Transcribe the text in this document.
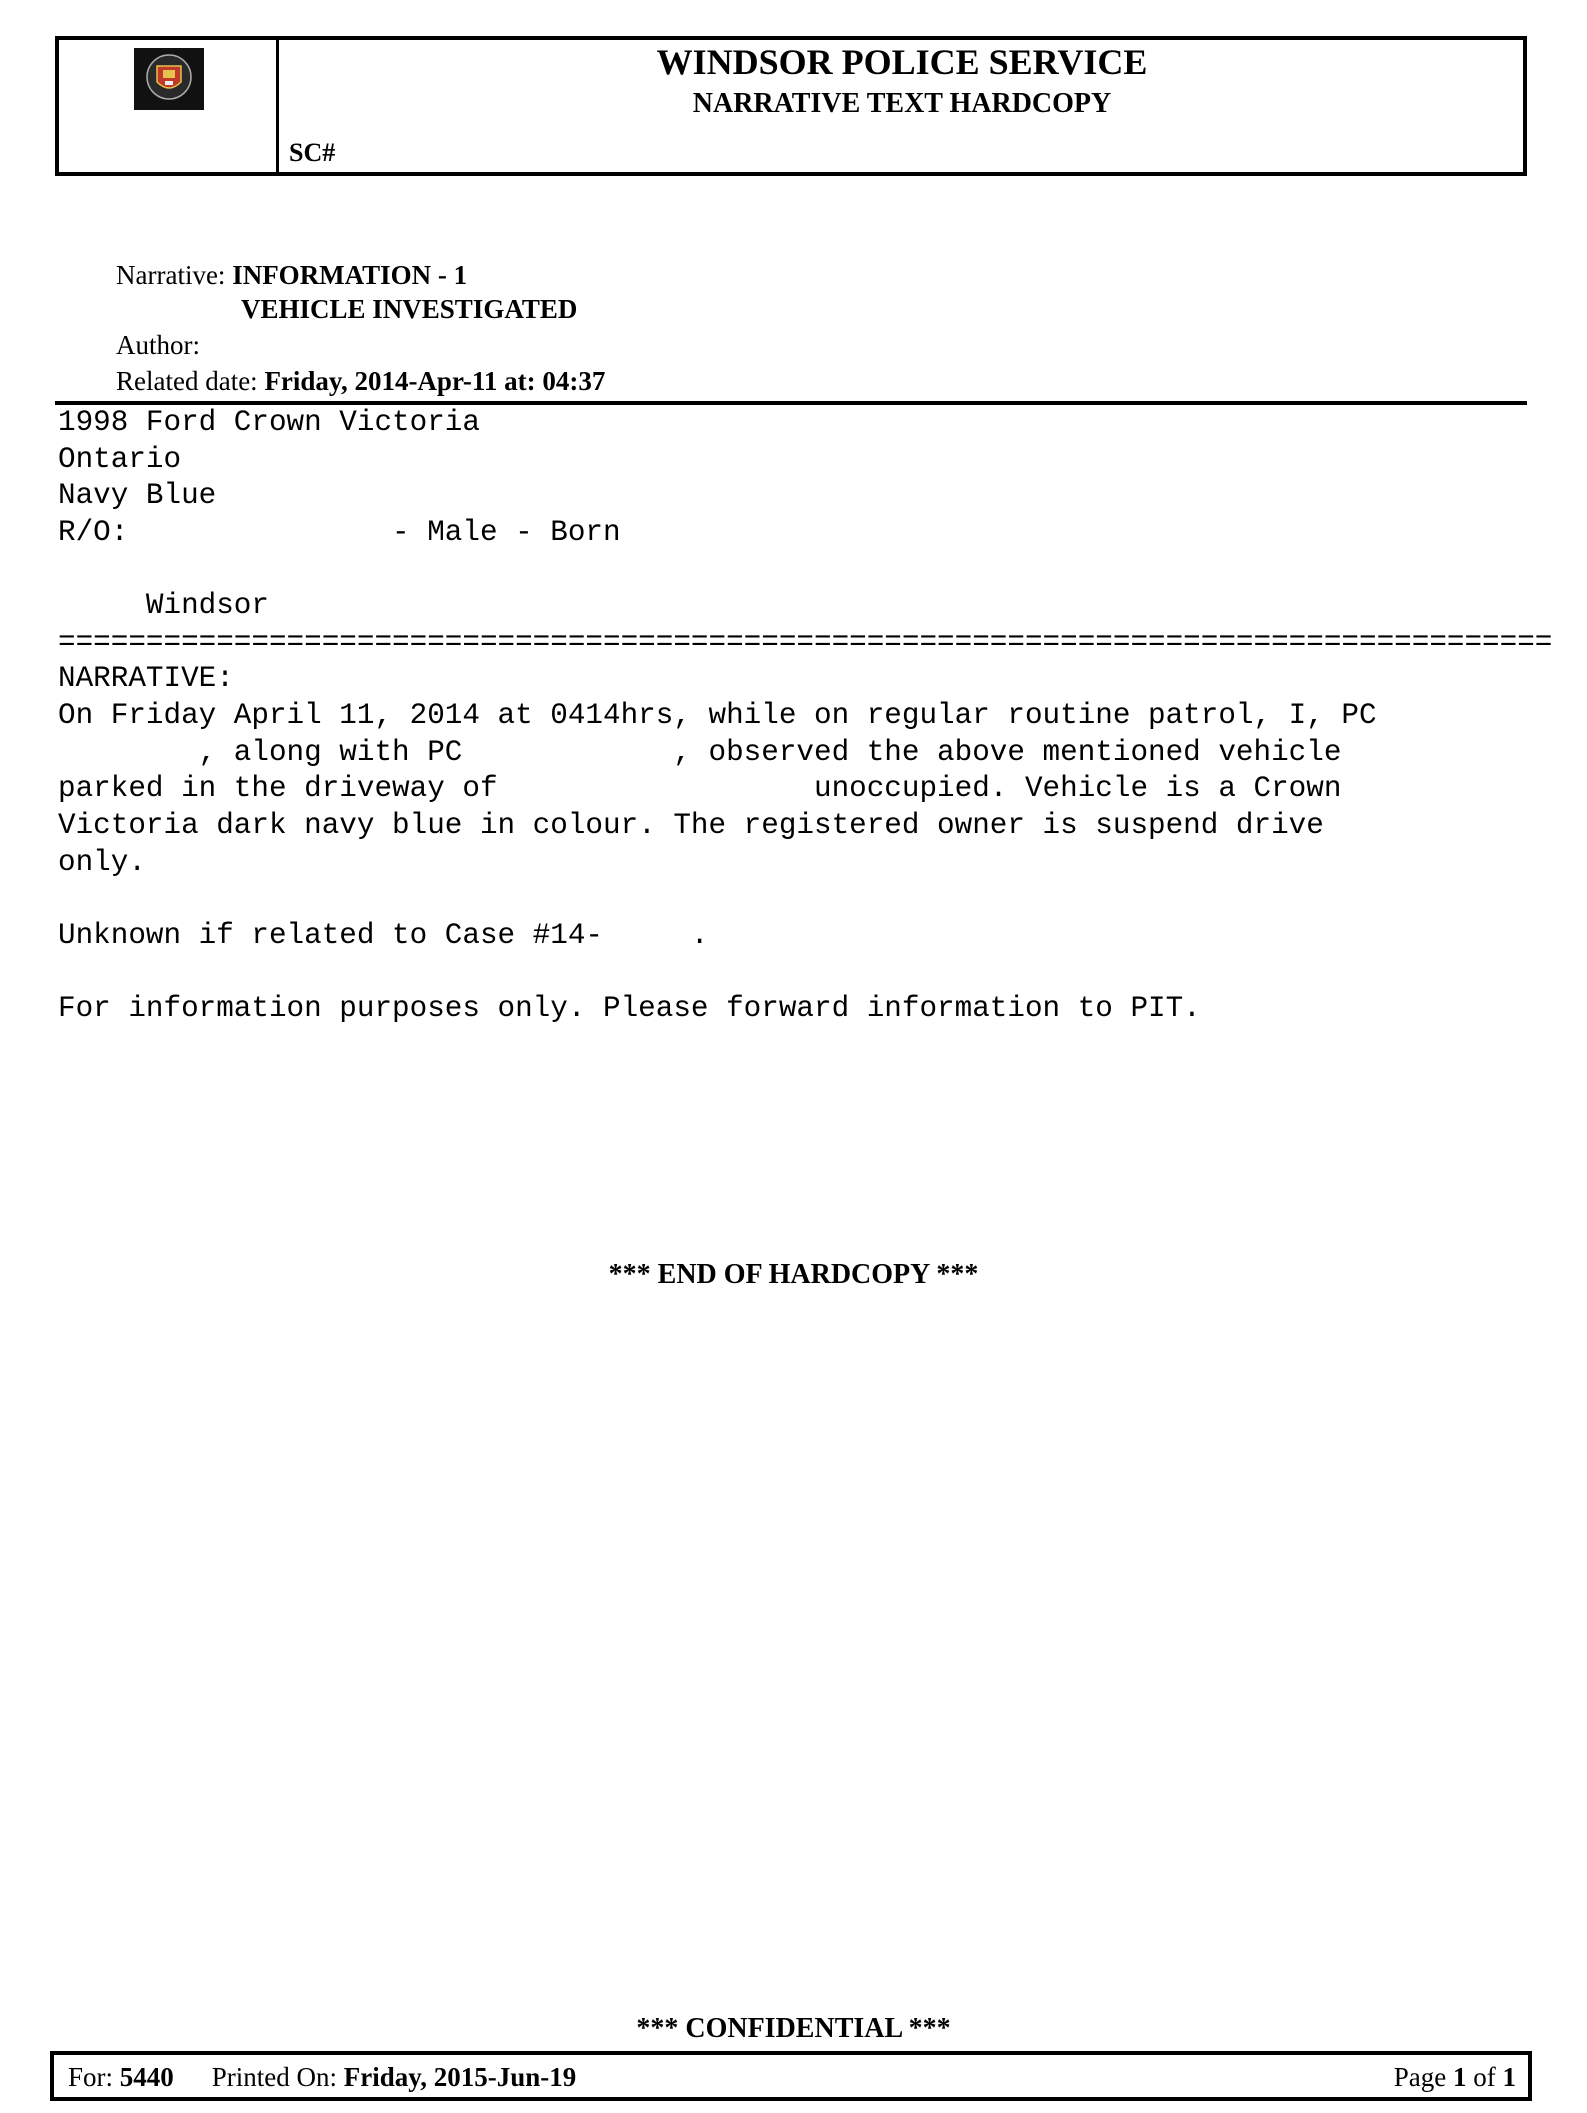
WINDSOR POLICE SERVICE
NARRATIVE TEXT HARDCOPY
SC#
Narrative: INFORMATION - 1
VEHICLE INVESTIGATED
Author:
Related date: Friday, 2014-Apr-11 at: 04:37
1998 Ford Crown Victoria
Ontario
Navy Blue
R/O:               - Male - Born
Windsor
=====================================================================================
NARRATIVE:
On Friday April 11, 2014 at 0414hrs, while on regular routine patrol, I, PC
, along with PC            , observed the above mentioned vehicle
parked in the driveway of                  unoccupied. Vehicle is a Crown
Victoria dark navy blue in colour. The registered owner is suspend drive
only.
Unknown if related to Case #14-     .
For information purposes only. Please forward information to PIT.
*** END OF HARDCOPY ***
*** CONFIDENTIAL ***
For: 5440 Printed On: Friday, 2015-Jun-19	Page 1 of 1
